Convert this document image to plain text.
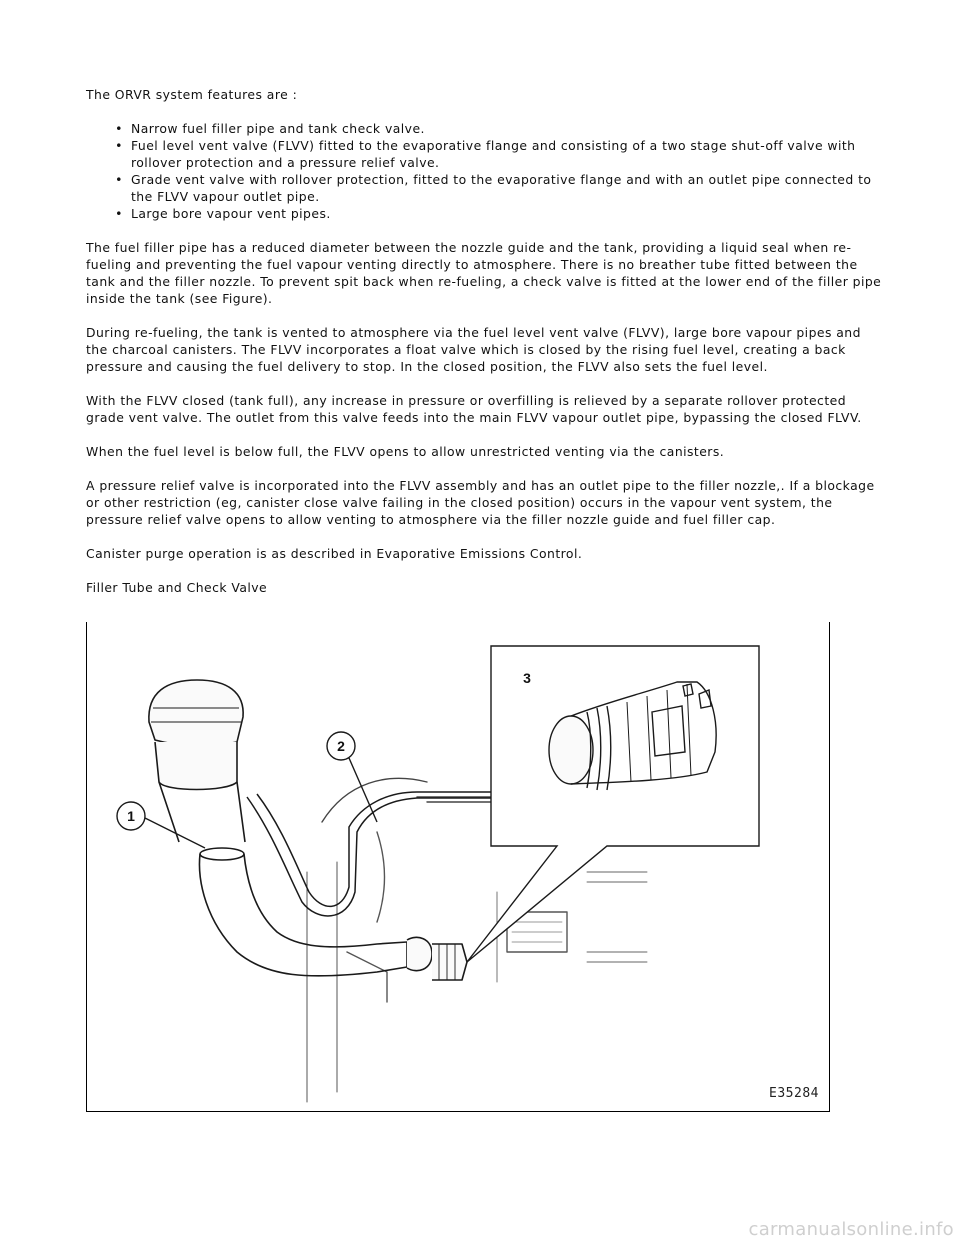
The ORVR system features are :

• Narrow fuel filler pipe and tank check valve.
• Fuel level vent valve (FLVV) fitted to the evaporative flange and consisting of a two stage shut-off valve with rollover protection and a pressure relief valve.
• Grade vent valve with rollover protection, fitted to the evaporative flange and with an outlet pipe connected to the FLVV vapour outlet pipe.
• Large bore vapour vent pipes.

The fuel filler pipe has a reduced diameter between the nozzle guide and the tank, providing a liquid seal when re-fueling and preventing the fuel vapour venting directly to atmosphere. There is no breather tube fitted between the tank and the filler nozzle. To prevent spit back when re-fueling, a check valve is fitted at the lower end of the filler pipe inside the tank (see Figure).

During re-fueling, the tank is vented to atmosphere via the fuel level vent valve (FLVV), large bore vapour pipes and the charcoal canisters. The FLVV incorporates a float valve which is closed by the rising fuel level, creating a back pressure and causing the fuel delivery to stop. In the closed position, the FLVV also sets the fuel level.

With the FLVV closed (tank full), any increase in pressure or overfilling is relieved by a separate rollover protected grade vent valve. The outlet from this valve feeds into the main FLVV vapour outlet pipe, bypassing the closed FLVV.

When the fuel level is below full, the FLVV opens to allow unrestricted venting via the canisters.

A pressure relief valve is incorporated into the FLVV assembly and has an outlet pipe to the filler nozzle,. If a blockage or other restriction (eg, canister close valve failing in the closed position) occurs in the vapour vent system, the pressure relief valve opens to allow venting to atmosphere via the filler nozzle guide and fuel filler cap.

Canister purge operation is as described in Evaporative Emissions Control.

Filler Tube and Check Valve

1
2
3
E35284
carmanualsonline.info
